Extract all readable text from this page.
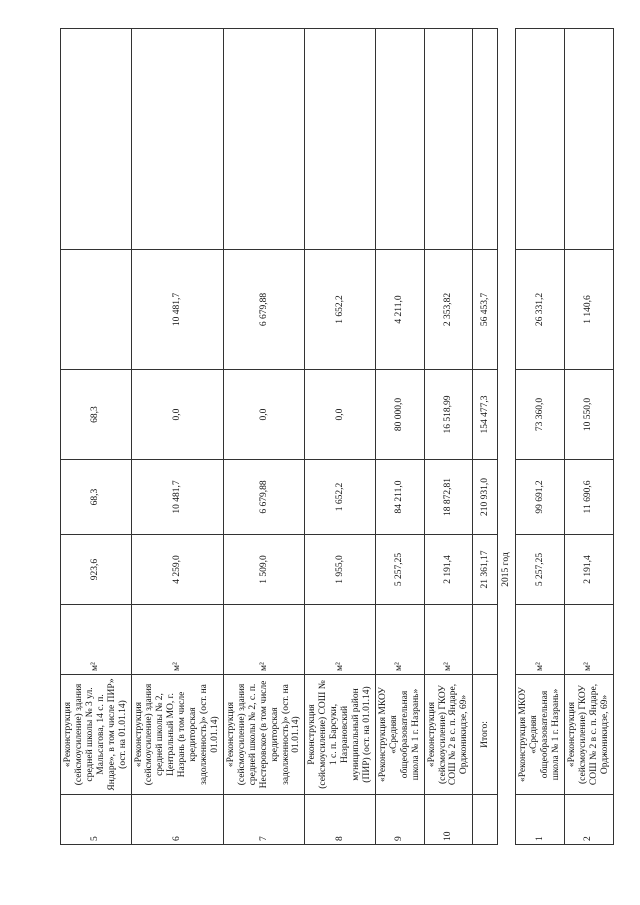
5	«Реконструкция (сейсмоусиление) здания средней школы № 3 ул. Мальсагова, 14 с. п. Яндаре», в том числе ПИР» (ост. на 01.01.14)	м²	923,6	68,3	68,3		
6	«Реконструкция (сейсмоусиление) здания средней школы № 2, Центральный МО, г. Назрань (в том числе кредиторская задолженность)» (ост. на 01.01.14)	м²	4 259,0	10 481,7	0,0	10 481,7	
7	«Реконструкция (сейсмоусиление) здания средней школы № 2, с. п. Нестеровское (в том числе кредиторская задолженность)» (ост. на 01.01.14)	м²	1 509,0	6 679,88	0,0	6 679,88	
8	Реконструкция (сейсмоусиление) СОШ № 1 с. п. Барсуки, Назрановский муниципальный район (ПИР) (ост. на 01.01.14)	м²	1 955,0	1 652,2	0,0	1 652,2	
9	«Реконструкция МКОУ «Средняя общеобразовательная школа № 1 г. Назрань»	м²	5 257,25	84 211,0	80 000,0	4 211,0	
10	«Реконструкция (сейсмоусиление) ГКОУ СОШ № 2 в с. п. Яндаре, Орджоникидзе, 69»	м²	2 191,4	18 872,81	16 518,99	2 353,82	
	Итого:		21 361,17	210 931,0	154 477,3	56 453,7	
			2015 год				
1	«Реконструкция МКОУ «Средняя общеобразовательная школа № 1 г. Назрань»	м²	5 257,25	99 691,2	73 360,0	26 331,2	
2	«Реконструкция (сейсмоусиление) ГКОУ СОШ № 2 в с. п. Яндаре, Орджоникидзе, 69»	м²	2 191,4	11 690,6	10 550,0	1 140,6	
